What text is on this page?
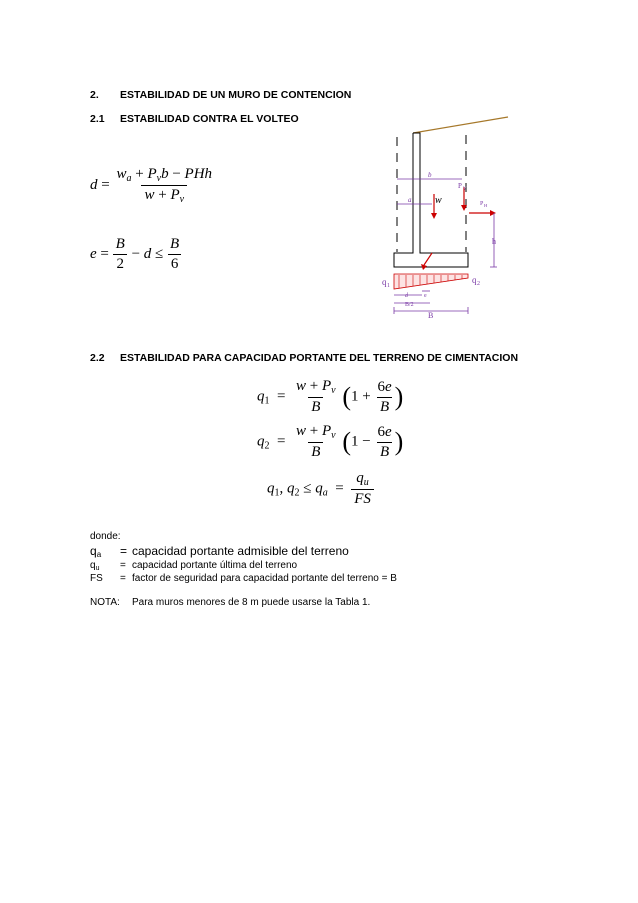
2. ESTABILIDAD DE UN MURO DE CONTENCION
2.1 ESTABILIDAD CONTRA EL VOLTEO
$d = \frac{w_a + P_vb - PHh}{w + P_v}$
$e = \frac{B}{2} - d \le \frac{B}{6}$
b
a w
P V
P H
h
q 1
q 2
e
d
B/2
B
2.2 ESTABILIDAD PARA CAPACIDAD PORTANTE DEL TERRENO DE CIMENTACION
$q_1 = \frac{w + P_v}{B} (1 + \frac{6e}{B}$ )
$q_2 = \frac{w + P_v}{B} (1 - \frac{6e}{B}$ )
$q_1$, $q_2 \le q_a = \frac{q_u}{FS}$
donde:
qa = capacidad portante admisible del terreno
$q_u$ = capacidad portante última del terreno
FS = factor de seguridad para capacidad portante del terreno = B
NOTA: Para muros menores de 8 m puede usarse la Tabla 1.
